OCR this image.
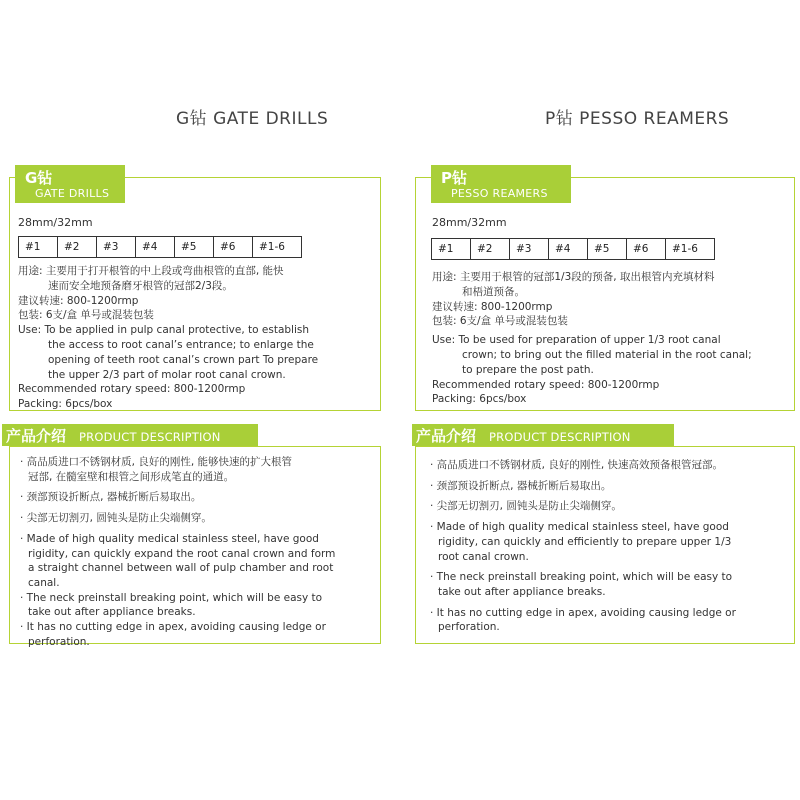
G钻 GATE DRILLS
G钻
GATE DRILLS
28mm/32mm
#1	#2	#3	#4	#5	#6	#1-6
用途: 主要用于打开根管的中上段或弯曲根管的直部, 能快
速而安全地预备磨牙根管的冠部2/3段。
建议转速: 800-1200rmp
包装: 6支/盒 单号或混装包装
Use: To be applied in pulp canal protective, to establish
the access to root canal’s entrance; to enlarge the
opening of teeth root canal’s crown part To prepare
the upper 2/3 part of molar root canal crown.
Recommended rotary speed: 800-1200rmp
Packing: 6pcs/box
产品介绍 PRODUCT DESCRIPTION
· 高品质进口不锈钢材质, 良好的刚性, 能够快速的扩大根管
冠部, 在髓室壁和根管之间形成笔直的通道。
· 颈部预设折断点, 器械折断后易取出。
· 尖部无切割刃, 圆钝头是防止尖端侧穿。
· Made of high quality medical stainless steel, have good
rigidity, can quickly expand the root canal crown and form
a straight channel between wall of pulp chamber and root
canal.
· The neck preinstall breaking point, which will be easy to
take out after appliance breaks.
· It has no cutting edge in apex, avoiding causing ledge or
perforation.
P钻 PESSO REAMERS
P钻
PESSO REAMERS
28mm/32mm
#1	#2	#3	#4	#5	#6	#1-6
用途: 主要用于根管的冠部1/3段的预备, 取出根管内充填材料
和梧道预备。
建议转速: 800-1200rmp
包装: 6支/盒 单号或混装包装
Use: To be used for preparation of upper 1/3 root canal
crown; to bring out the filled material in the root canal;
to prepare the post path.
Recommended rotary speed: 800-1200rmp
Packing: 6pcs/box
产品介绍 PRODUCT DESCRIPTION
· 高品质进口不锈钢材质, 良好的刚性, 快速高效预备根管冠部。
· 颈部预设折断点, 器械折断后易取出。
· 尖部无切割刃, 圆钝头是防止尖端侧穿。
· Made of high quality medical stainless steel, have good
rigidity, can quickly and efficiently to prepare upper 1/3
root canal crown.
· The neck preinstall breaking point, which will be easy to
take out after appliance breaks.
· It has no cutting edge in apex, avoiding causing ledge or
perforation.
